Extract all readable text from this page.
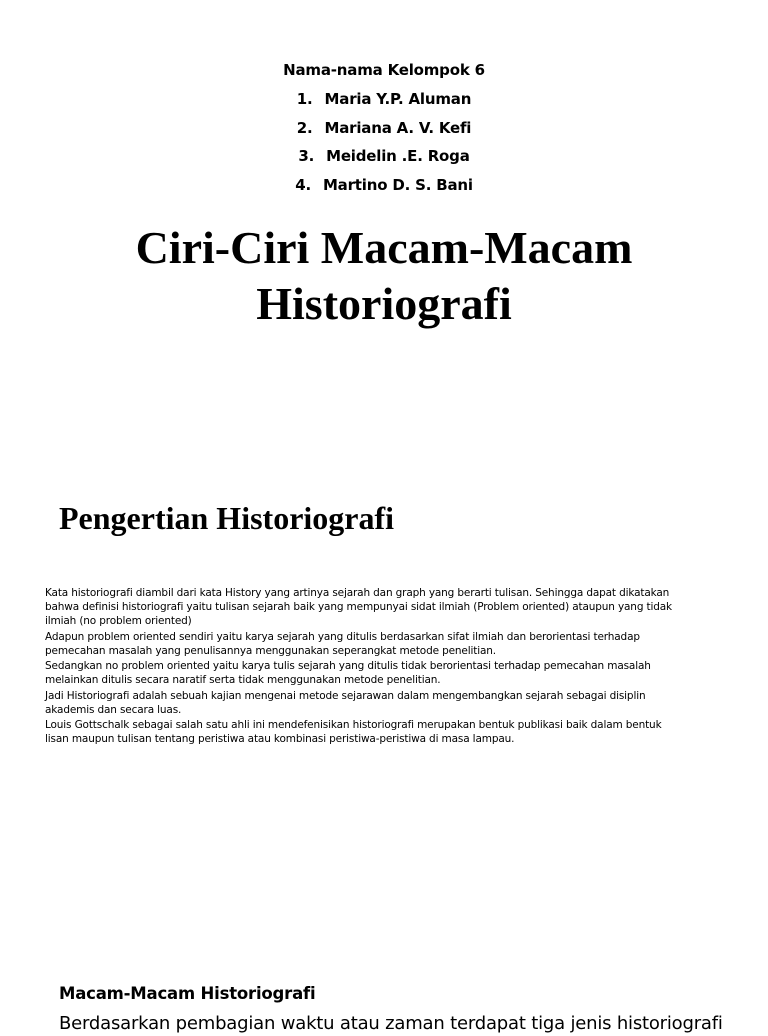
Nama-nama Kelompok 6

1. Maria Y.P. Aluman
2. Mariana A. V. Kefi
3. Meidelin .E. Roga
4. Martino D. S. Bani
Ciri-Ciri Macam-Macam
Historiografi
Pengertian Historiografi

Kata historiografi diambil dari kata History yang artinya sejarah dan graph yang berarti tulisan. Sehingga dapat dikatakan bahwa definisi historiografi yaitu tulisan sejarah baik yang mempunyai sidat ilmiah (Problem oriented) ataupun yang tidak ilmiah (no problem oriented)

Adapun problem oriented sendiri yaitu karya sejarah yang ditulis berdasarkan sifat ilmiah dan berorientasi terhadap pemecahan masalah yang penulisannya menggunakan seperangkat metode penelitian.

Sedangkan no problem oriented yaitu karya tulis sejarah yang ditulis tidak berorientasi terhadap pemecahan masalah melainkan ditulis secara naratif serta tidak menggunakan metode penelitian.

Jadi Historiografi adalah sebuah kajian mengenai metode sejarawan dalam mengembangkan sejarah sebagai disiplin akademis dan secara luas.

Louis Gottschalk sebagai salah satu ahli ini mendefenisikan historiografi merupakan bentuk publikasi baik dalam bentuk lisan maupun tulisan tentang peristiwa atau kombinasi peristiwa-peristiwa di masa lampau.

Macam-Macam Historiografi

Berdasarkan pembagian waktu atau zaman terdapat tiga jenis historiografi
